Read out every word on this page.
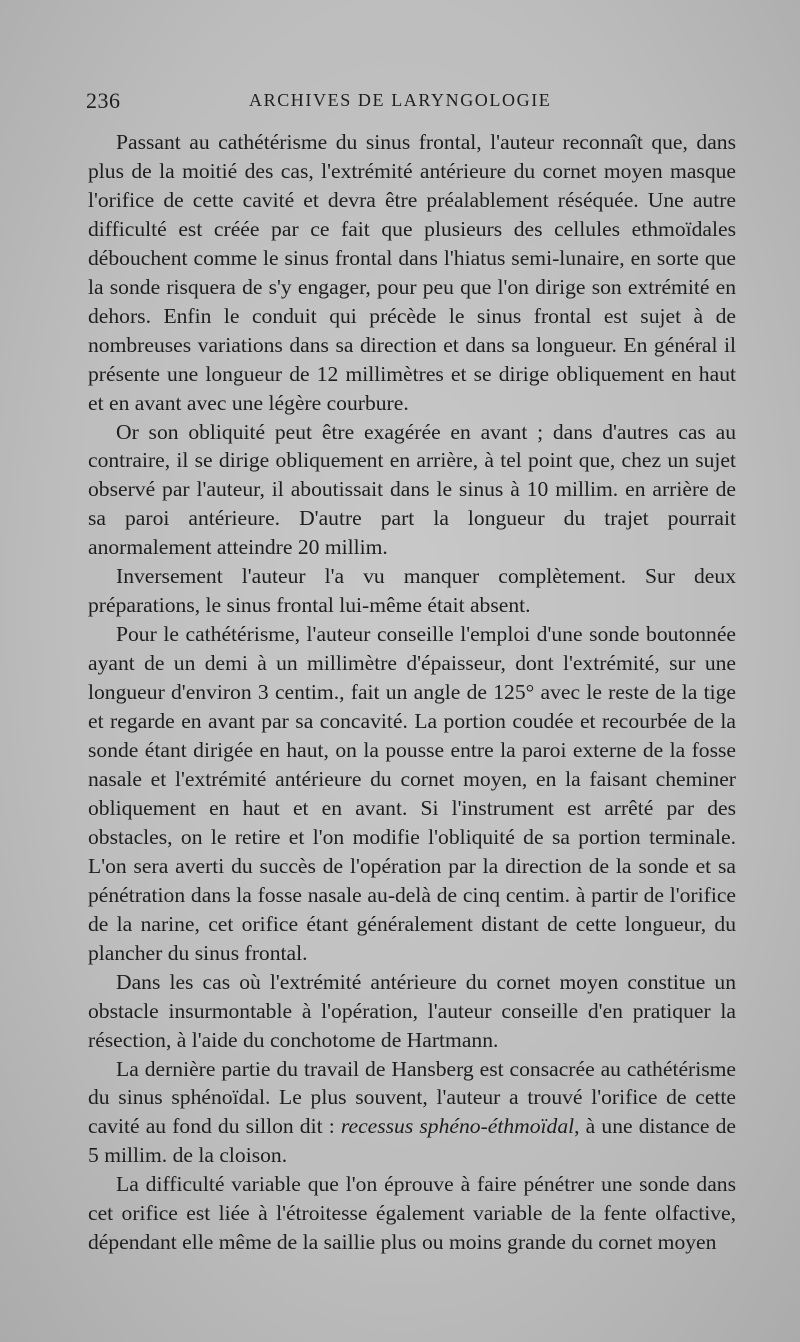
236	ARCHIVES DE LARYNGOLOGIE

Passant au cathétérisme du sinus frontal, l'auteur reconnaît que, dans plus de la moitié des cas, l'extrémité antérieure du cornet moyen masque l'orifice de cette cavité et devra être préalablement réséquée. Une autre difficulté est créée par ce fait que plusieurs des cellules ethmoïdales débouchent comme le sinus frontal dans l'hiatus semi-lunaire, en sorte que la sonde risquera de s'y engager, pour peu que l'on dirige son extrémité en dehors. Enfin le conduit qui précède le sinus frontal est sujet à de nombreuses variations dans sa direction et dans sa longueur. En général il présente une longueur de 12 millimètres et se dirige obliquement en haut et en avant avec une légère courbure.

Or son obliquité peut être exagérée en avant ; dans d'autres cas au contraire, il se dirige obliquement en arrière, à tel point que, chez un sujet observé par l'auteur, il aboutissait dans le sinus à 10 millim. en arrière de sa paroi antérieure. D'autre part la longueur du trajet pourrait anormalement atteindre 20 millim.

Inversement l'auteur l'a vu manquer complètement. Sur deux préparations, le sinus frontal lui-même était absent.

Pour le cathétérisme, l'auteur conseille l'emploi d'une sonde boutonnée ayant de un demi à un millimètre d'épaisseur, dont l'extrémité, sur une longueur d'environ 3 centim., fait un angle de 125° avec le reste de la tige et regarde en avant par sa concavité. La portion coudée et recourbée de la sonde étant dirigée en haut, on la pousse entre la paroi externe de la fosse nasale et l'extrémité antérieure du cornet moyen, en la faisant cheminer obliquement en haut et en avant. Si l'instrument est arrêté par des obstacles, on le retire et l'on modifie l'obliquité de sa portion terminale. L'on sera averti du succès de l'opération par la direction de la sonde et sa pénétration dans la fosse nasale au-delà de cinq centim. à partir de l'orifice de la narine, cet orifice étant généralement distant de cette longueur, du plancher du sinus frontal.

Dans les cas où l'extrémité antérieure du cornet moyen constitue un obstacle insurmontable à l'opération, l'auteur conseille d'en pratiquer la résection, à l'aide du conchotome de Hartmann.

La dernière partie du travail de Hansberg est consacrée au cathétérisme du sinus sphénoïdal. Le plus souvent, l'auteur a trouvé l'orifice de cette cavité au fond du sillon dit : recessus sphéno-éthmoïdal, à une distance de 5 millim. de la cloison.

La difficulté variable que l'on éprouve à faire pénétrer une sonde dans cet orifice est liée à l'étroitesse également variable de la fente olfactive, dépendant elle même de la saillie plus ou moins grande du cornet moyen
